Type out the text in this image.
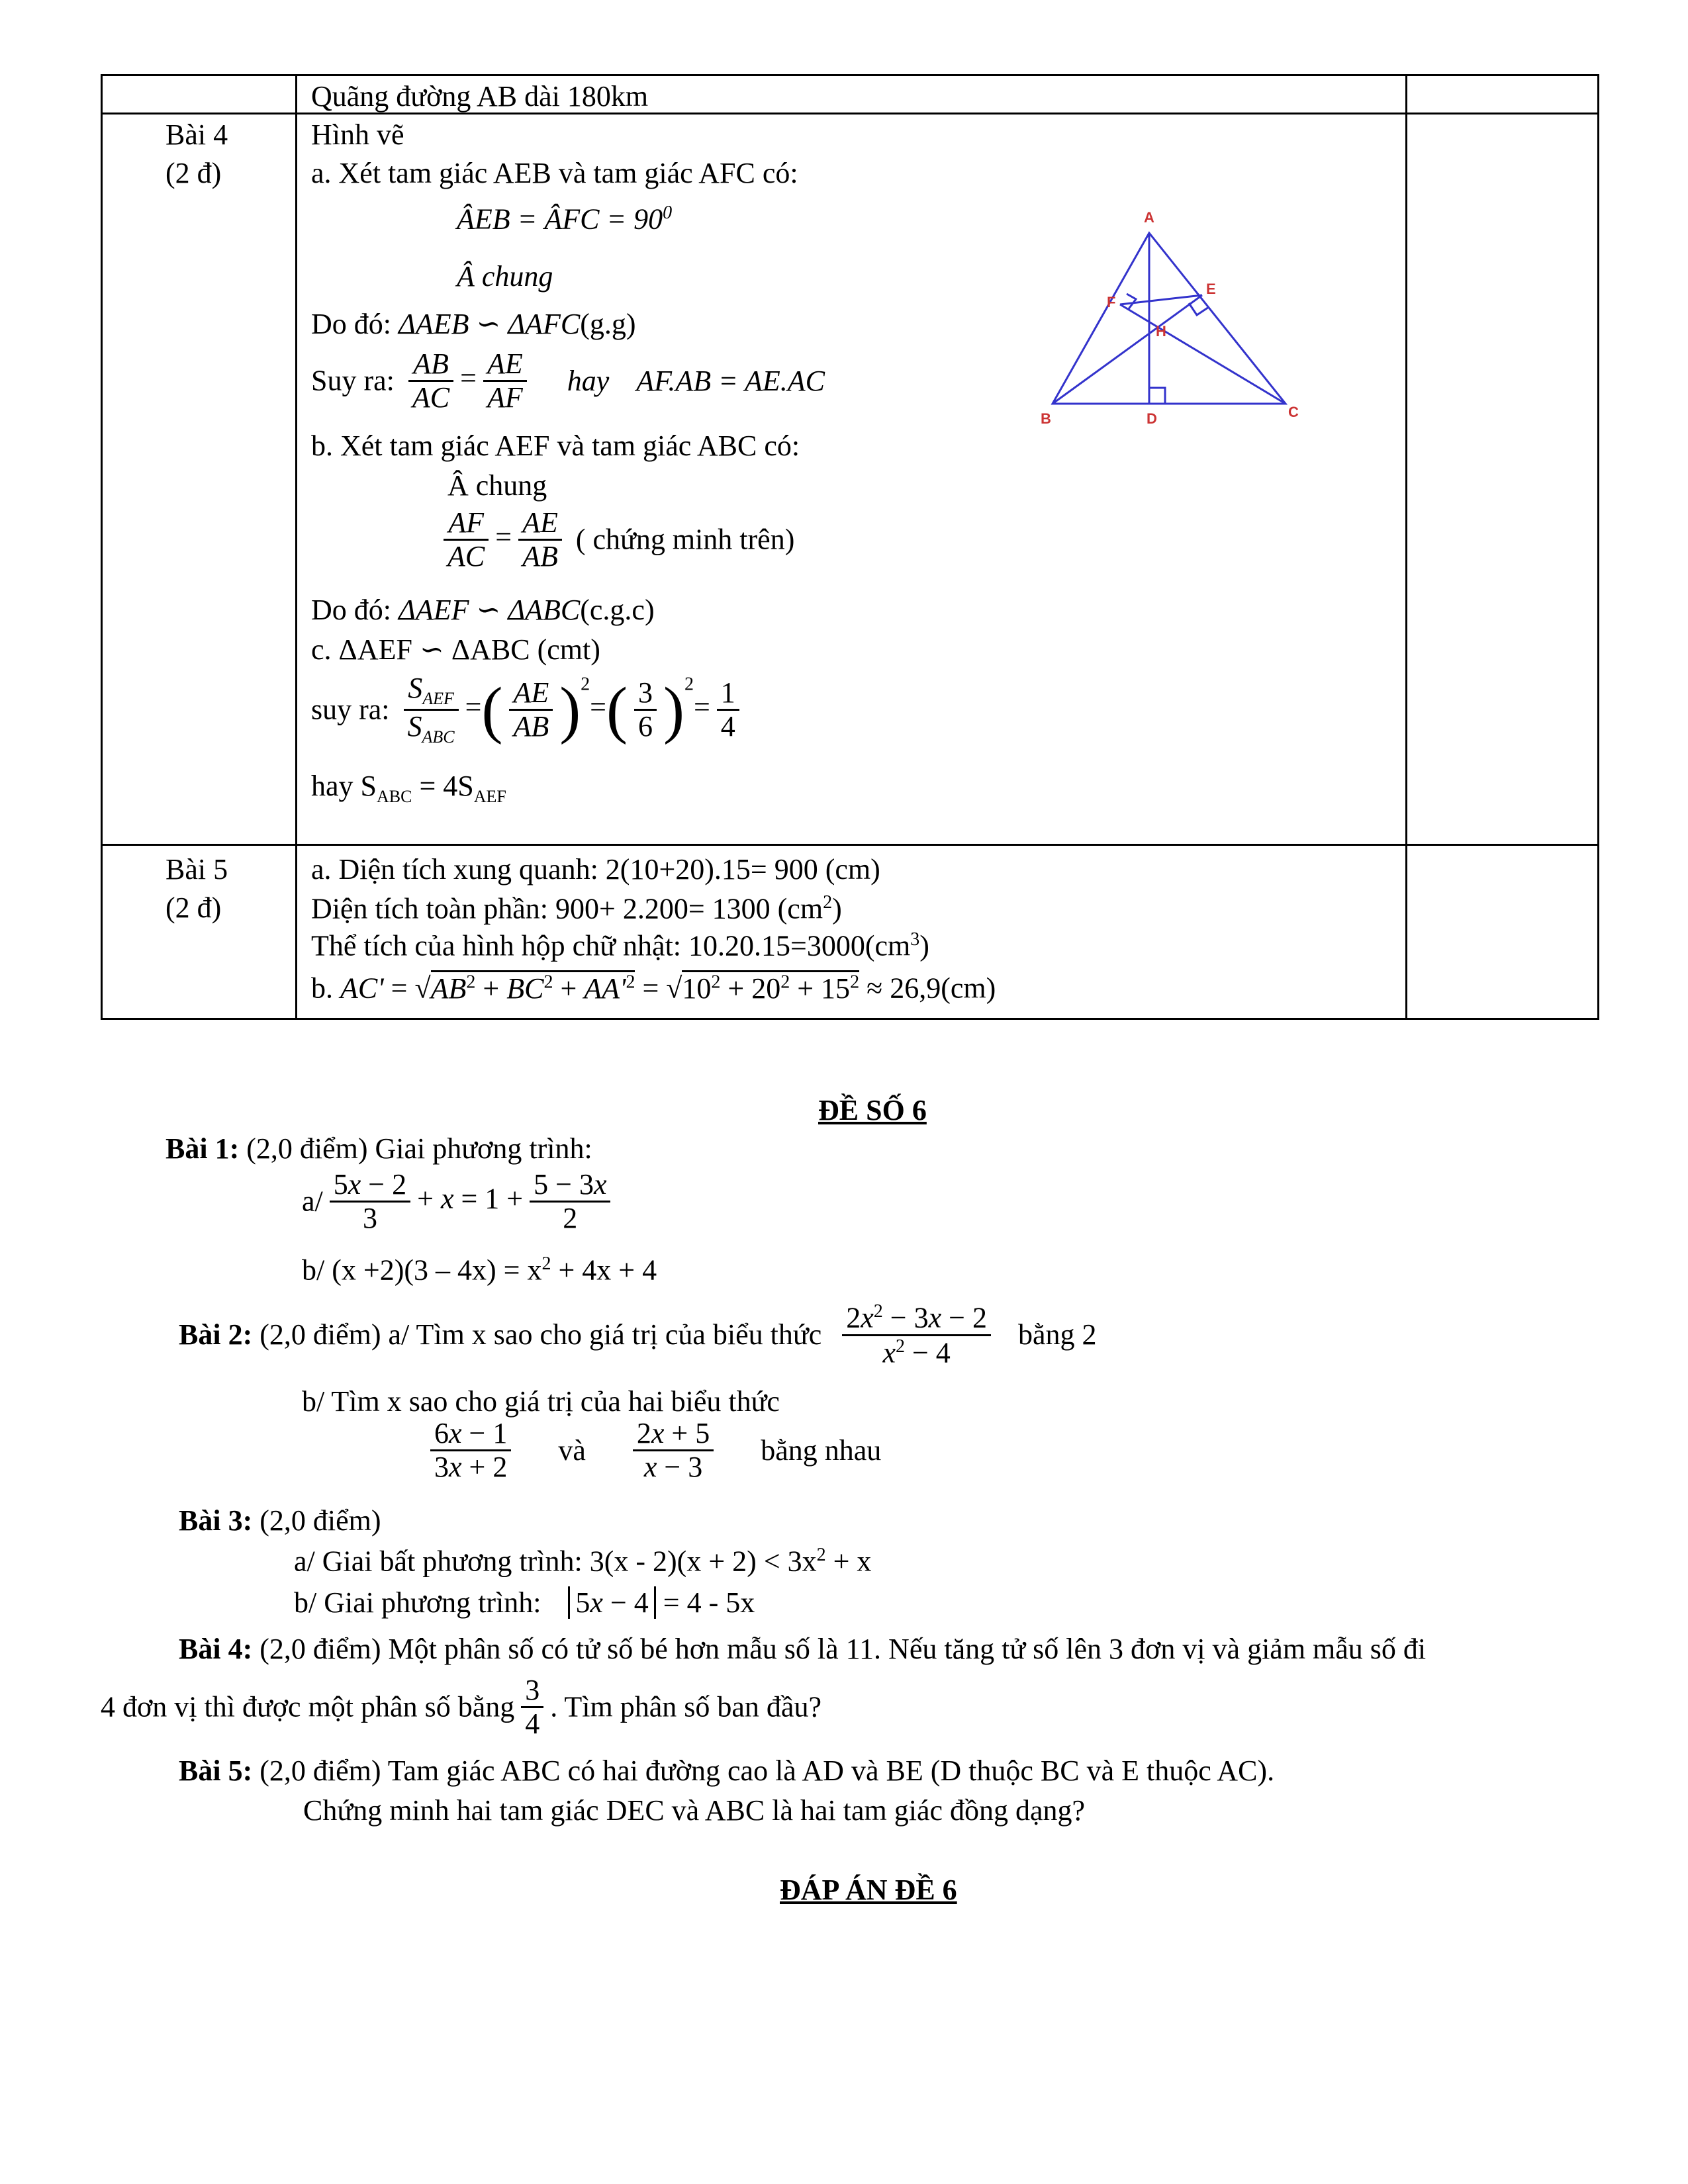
Quãng đường AB dài 180km
Bài 4
(2 đ)
Hình vẽ
a. Xét tam giác AEB và tam giác AFC có:
ÂEB = ÂFC = $90^0$
Â chung
Do đó: ΔAEB ∽ ΔAFC(g.g)
Suy ra: $\frac{AB}{AC} = \frac{AE}{AF}$ hay AF.AB = AE.AC
b. Xét tam giác AEF và tam giác ABC có:
Â chung
$\frac{AF}{AC} = \frac{AE}{AB}$ ( chứng minh trên)
Do đó: ΔAEF ∽ ΔABC(c.g.c)
c. ΔAEF ∽ ΔABC (cmt)
suy ra: $\frac{S_{AEF}}{S_{ABC}}$ =( $\frac{AE}{AB} )^2=( \frac{3}{6} )^2= \frac{1}{4}$
hay $S_{ABC} = 4S_{AEF}$
A
B	C
D
E
F
H
Bài 5
(2 đ)
a. Diện tích xung quanh: 2(10+20).15= 900 (cm)
Diện tích toàn phần: 900+ 2.200= 1300 $(cm^2)$
Thể tích của hình hộp chữ nhật: $10.20.15=3000(cm^3)$
b. $AC' = √AB^2 + BC^2 + AA'^2 = √10^2 + 20^2 + 15^2 \approx 26,9(cm)$
ĐỀ SỐ 6
Bài 1: (2,0 điểm) Giai phương trình:
$a/ \frac{5x - 2}{3} + x = 1 + \frac{5 - 3x}{2}$
b/ $(x +2)(3 - 4x) = x^2 + 4x + 4$
Bài 2: (2,0 điểm) a/ Tìm x sao cho giá trị của biểu thức $\frac{2x^2 - 3x - 2}{x^2 - 4}$ bằng 2
b/ Tìm x sao cho giá trị của hai biểu thức
$\frac{6x - 1}{3x + 2}$ và $\frac{2x + 5}{x - 3}$ bằng nhau
Bài 3: (2,0 điểm)
a/ Giai bất phương trình: $3(x - 2)(x + 2) < 3x^2 + x$
b/ Giai phương trình: 5x − 4 = 4 - 5x
Bài 4: (2,0 điểm) Một phân số có tử số bé hơn mẫu số là 11. Nếu tăng tử số lên 3 đơn vị và giảm mẫu số đi
4 đơn vị thì được một phân số bằng $\frac{3}{4}$ . Tìm phân số ban đầu?
Bài 5: (2,0 điểm) Tam giác ABC có hai đường cao là AD và BE (D thuộc BC và E thuộc AC).
Chứng minh hai tam giác DEC và ABC là hai tam giác đồng dạng?
ĐÁP ÁN ĐỀ 6
